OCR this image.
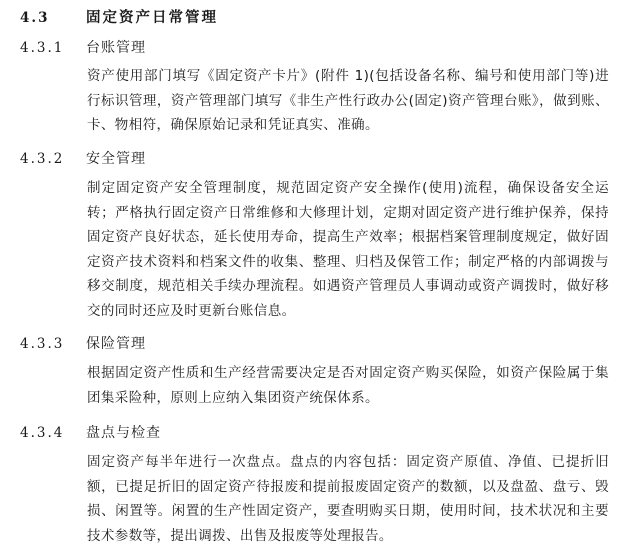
4.3	固定资产日常管理
4.3.1	台账管理

资产使用部门填写《固定资产卡片》(附件 1)(包括设备名称、编号和使用部门等)进行标识管理，资产管理部门填写《非生产性行政办公(固定)资产管理台账》，做到账、卡、物相符，确保原始记录和凭证真实、准确。

4.3.2	安全管理

制定固定资产安全管理制度，规范固定资产安全操作(使用)流程，确保设备安全运转；严格执行固定资产日常维修和大修理计划，定期对固定资产进行维护保养，保持固定资产良好状态，延长使用寿命，提高生产效率；根据档案管理制度规定，做好固定资产技术资料和档案文件的收集、整理、归档及保管工作；制定严格的内部调拨与移交制度，规范相关手续办理流程。如遇资产管理员人事调动或资产调拨时，做好移交的同时还应及时更新台账信息。

4.3.3	保险管理

根据固定资产性质和生产经营需要决定是否对固定资产购买保险，如资产保险属于集团集采险种，原则上应纳入集团资产统保体系。

4.3.4	盘点与检查

固定资产每半年进行一次盘点。盘点的内容包括：固定资产原值、净值、已提折旧额，已提足折旧的固定资产待报废和提前报废固定资产的数额，以及盘盈、盘亏、毁损、闲置等。闲置的生产性固定资产，要查明购买日期，使用时间，技术状况和主要技术参数等，提出调拨、出售及报废等处理报告。
